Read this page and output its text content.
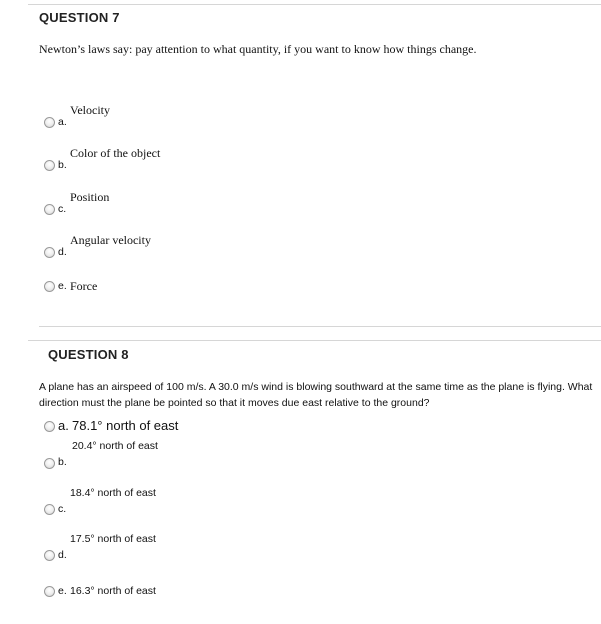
QUESTION 7
Newton’s laws say: pay attention to what quantity, if you want to know how things change.
Velocity
a.
Color of the object
b.
Position
c.
Angular velocity
d.
e. Force
QUESTION 8
A plane has an airspeed of 100 m/s. A 30.0 m/s wind is blowing southward at the same time as the plane is flying. What direction must the plane be pointed so that it moves due east relative to the ground?
a. 78.1° north of east
20.4° north of east
b.
18.4° north of east
c.
17.5° north of east
d.
e. 16.3° north of east
